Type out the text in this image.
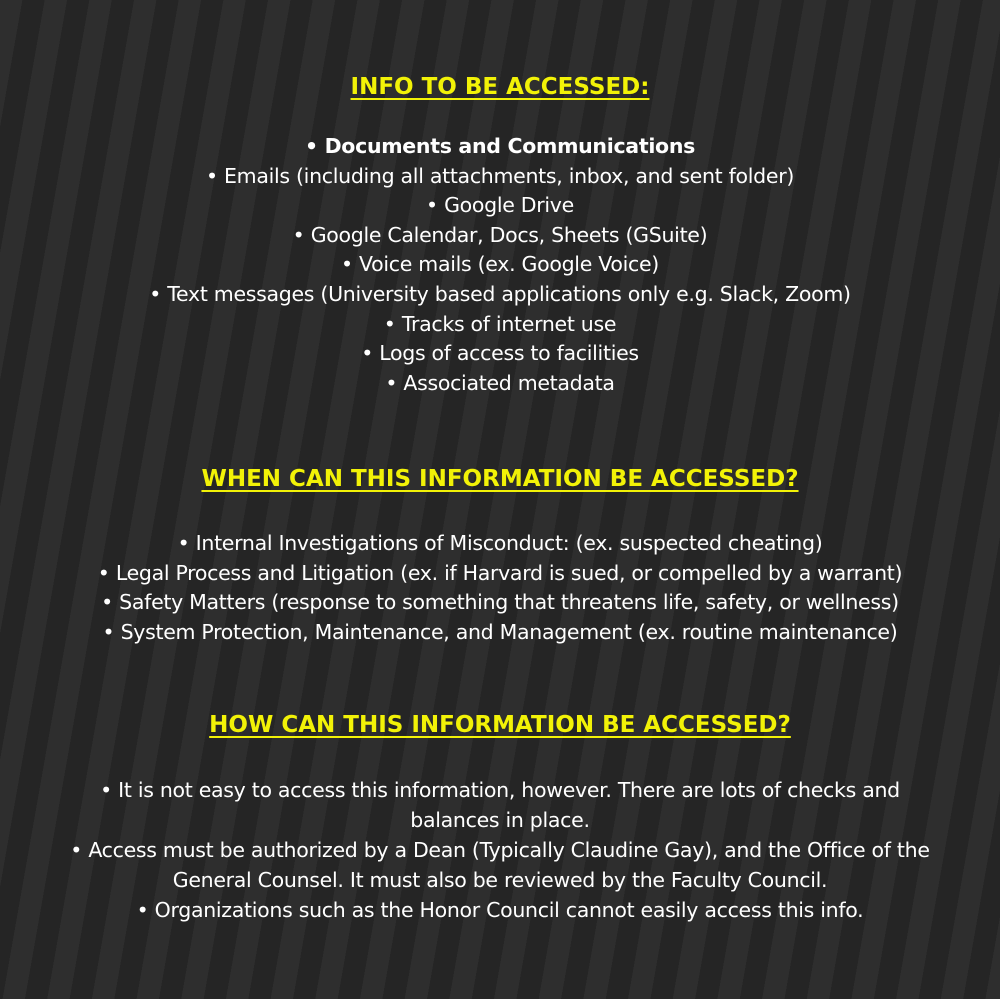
INFO TO BE ACCESSED:
• Documents and Communications
• Emails (including all attachments, inbox, and sent folder)
• Google Drive
• Google Calendar, Docs, Sheets (GSuite)
• Voice mails (ex. Google Voice)
• Text messages (University based applications only e.g. Slack, Zoom)
• Tracks of internet use
• Logs of access to facilities
• Associated metadata
WHEN CAN THIS INFORMATION BE ACCESSED?
• Internal Investigations of Misconduct: (ex. suspected cheating)
• Legal Process and Litigation (ex. if Harvard is sued, or compelled by a warrant)
• Safety Matters (response to something that threatens life, safety, or wellness)
• System Protection, Maintenance, and Management (ex. routine maintenance)
HOW CAN THIS INFORMATION BE ACCESSED?
• It is not easy to access this information, however. There are lots of checks and balances in place.
• Access must be authorized by a Dean (Typically Claudine Gay), and the Office of the General Counsel. It must also be reviewed by the Faculty Council.
• Organizations such as the Honor Council cannot easily access this info.
